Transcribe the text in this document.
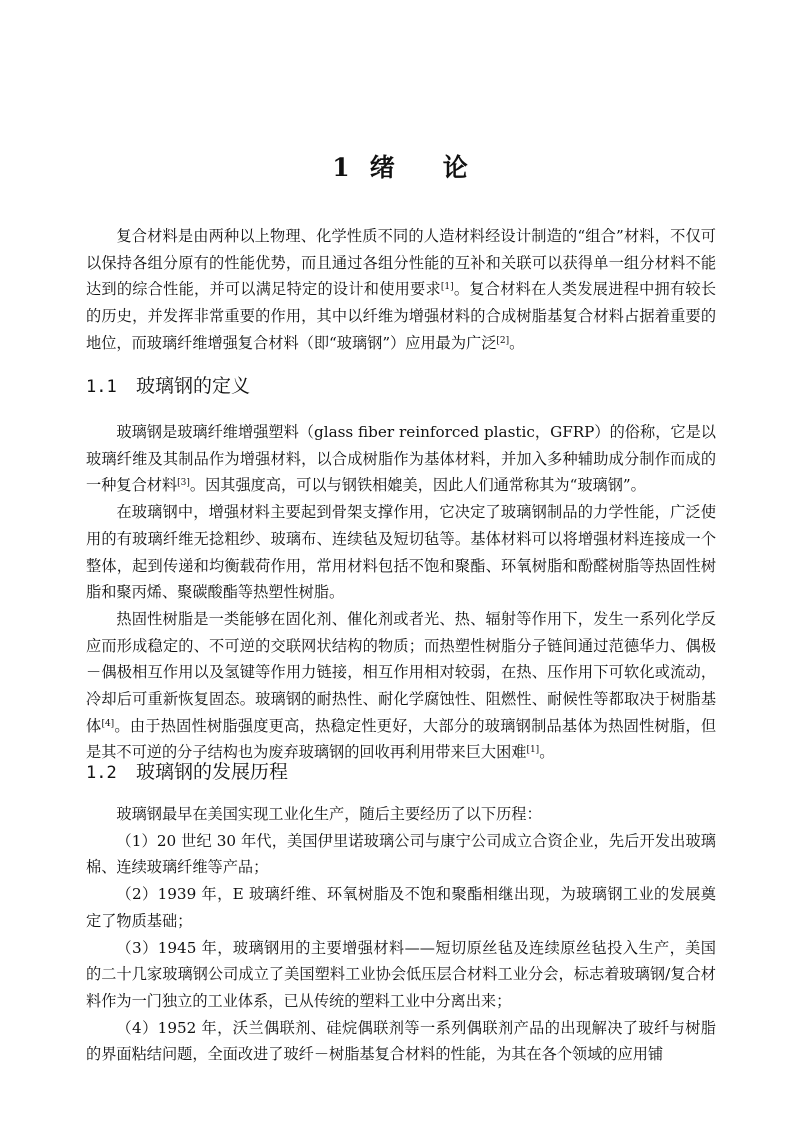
1 绪 论

复合材料是由两种以上物理、化学性质不同的人造材料经设计制造的“组合”材料，不仅可以保持各组分原有的性能优势，而且通过各组分性能的互补和关联可以获得单一组分材料不能达到的综合性能，并可以满足特定的设计和使用要求[1]。复合材料在人类发展进程中拥有较长的历史，并发挥非常重要的作用，其中以纤维为增强材料的合成树脂基复合材料占据着重要的地位，而玻璃纤维增强复合材料（即“玻璃钢”）应用最为广泛[2]。

1.1 玻璃钢的定义

玻璃钢是玻璃纤维增强塑料（glass fiber reinforced plastic，GFRP）的俗称，它是以玻璃纤维及其制品作为增强材料，以合成树脂作为基体材料，并加入多种辅助成分制作而成的一种复合材料[3]。因其强度高，可以与钢铁相媲美，因此人们通常称其为“玻璃钢”。

在玻璃钢中，增强材料主要起到骨架支撑作用，它决定了玻璃钢制品的力学性能，广泛使用的有玻璃纤维无捻粗纱、玻璃布、连续毡及短切毡等。基体材料可以将增强材料连接成一个整体，起到传递和均衡载荷作用，常用材料包括不饱和聚酯、环氧树脂和酚醛树脂等热固性树脂和聚丙烯、聚碳酸酯等热塑性树脂。

热固性树脂是一类能够在固化剂、催化剂或者光、热、辐射等作用下，发生一系列化学反应而形成稳定的、不可逆的交联网状结构的物质；而热塑性树脂分子链间通过范德华力、偶极－偶极相互作用以及氢键等作用力链接，相互作用相对较弱，在热、压作用下可软化或流动，冷却后可重新恢复固态。玻璃钢的耐热性、耐化学腐蚀性、阻燃性、耐候性等都取决于树脂基体[4]。由于热固性树脂强度更高，热稳定性更好，大部分的玻璃钢制品基体为热固性树脂，但是其不可逆的分子结构也为废弃玻璃钢的回收再利用带来巨大困难[1]。

1.2 玻璃钢的发展历程

玻璃钢最早在美国实现工业化生产，随后主要经历了以下历程：

（1）20 世纪 30 年代，美国伊里诺玻璃公司与康宁公司成立合资企业，先后开发出玻璃棉、连续玻璃纤维等产品；

（2）1939 年，E 玻璃纤维、环氧树脂及不饱和聚酯相继出现，为玻璃钢工业的发展奠定了物质基础；

（3）1945 年，玻璃钢用的主要增强材料——短切原丝毡及连续原丝毡投入生产，美国的二十几家玻璃钢公司成立了美国塑料工业协会低压层合材料工业分会，标志着玻璃钢/复合材料作为一门独立的工业体系，已从传统的塑料工业中分离出来；

（4）1952 年，沃兰偶联剂、硅烷偶联剂等一系列偶联剂产品的出现解决了玻纤与树脂的界面粘结问题，全面改进了玻纤－树脂基复合材料的性能，为其在各个领域的应用铺
